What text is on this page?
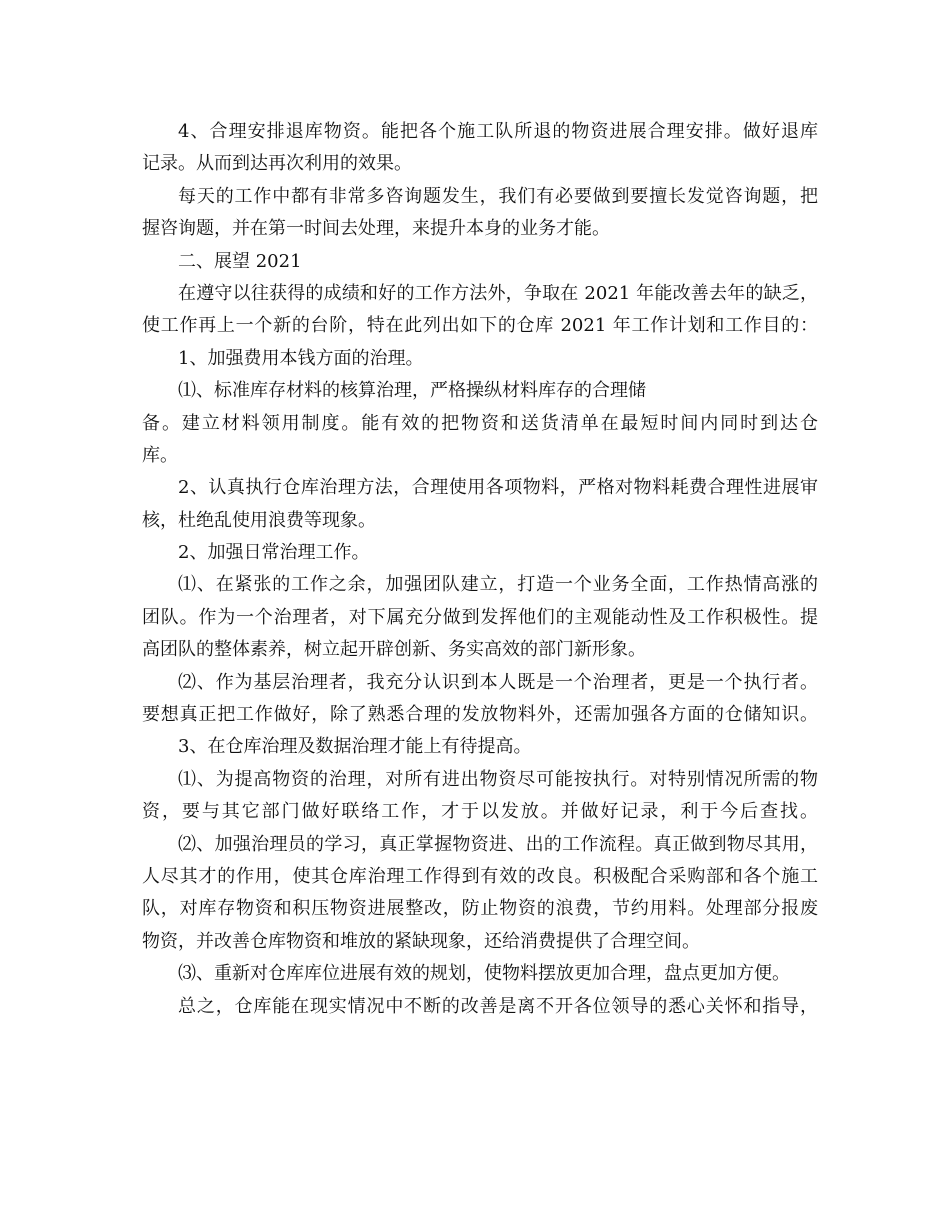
4、合理安排退库物资。能把各个施工队所退的物资进展合理安排。做好退库
记录。从而到达再次利用的效果。
每天的工作中都有非常多咨询题发生，我们有必要做到要擅长发觉咨询题，把
握咨询题，并在第一时间去处理，来提升本身的业务才能。
二、展望 2021
在遵守以往获得的成绩和好的工作方法外，争取在 2021 年能改善去年的缺乏，
使工作再上一个新的台阶，特在此列出如下的仓库 2021 年工作计划和工作目的：
1、加强费用本钱方面的治理。
⑴、标准库存材料的核算治理，严格操纵材料库存的合理储
备。建立材料领用制度。能有效的把物资和送货清单在最短时间内同时到达仓
库。
2、认真执行仓库治理方法，合理使用各项物料，严格对物料耗费合理性进展审
核，杜绝乱使用浪费等现象。
2、加强日常治理工作。
⑴、在紧张的工作之余，加强团队建立，打造一个业务全面，工作热情高涨的
团队。作为一个治理者，对下属充分做到发挥他们的主观能动性及工作积极性。提
高团队的整体素养，树立起开辟创新、务实高效的部门新形象。
⑵、作为基层治理者，我充分认识到本人既是一个治理者，更是一个执行者。
要想真正把工作做好，除了熟悉合理的发放物料外，还需加强各方面的仓储知识。
3、在仓库治理及数据治理才能上有待提高。
⑴、为提高物资的治理，对所有进出物资尽可能按执行。对特别情况所需的物
资，要与其它部门做好联络工作，才于以发放。并做好记录，利于今后查找。
⑵、加强治理员的学习，真正掌握物资进、出的工作流程。真正做到物尽其用，
人尽其才的作用，使其仓库治理工作得到有效的改良。积极配合采购部和各个施工
队，对库存物资和积压物资进展整改，防止物资的浪费，节约用料。处理部分报废
物资，并改善仓库物资和堆放的紧缺现象，还给消费提供了合理空间。
⑶、重新对仓库库位进展有效的规划，使物料摆放更加合理，盘点更加方便。
总之，仓库能在现实情况中不断的改善是离不开各位领导的悉心关怀和指导，
